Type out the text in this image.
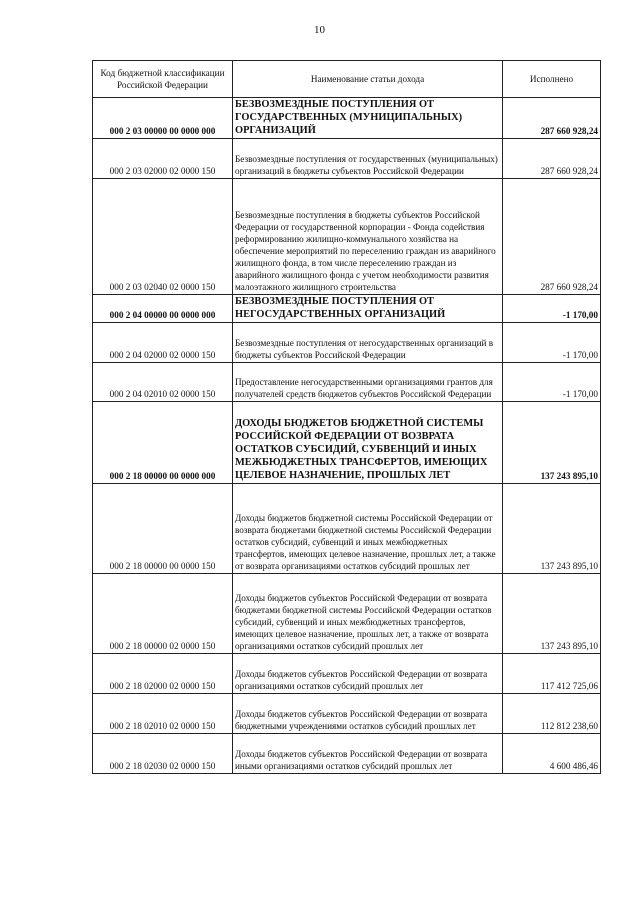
10
Код бюджетной классификации Российской Федерации	Наименование статьи дохода	Исполнено
000 2 03 00000 00 0000 000	БЕЗВОЗМЕЗДНЫЕ ПОСТУПЛЕНИЯ ОТ ГОСУДАРСТВЕННЫХ (МУНИЦИПАЛЬНЫХ) ОРГАНИЗАЦИЙ	287 660 928,24
000 2 03 02000 02 0000 150	Безвозмездные поступления от государственных (муниципальных) организаций в бюджеты субъектов Российской Федерации	287 660 928,24
000 2 03 02040 02 0000 150	Безвозмездные поступления в бюджеты субъектов Российской Федерации от государственной корпорации - Фонда содействия реформированию жилищно-коммунального хозяйства на обеспечение мероприятий по переселению граждан из аварийного жилищного фонда, в том числе переселению граждан из аварийного жилищного фонда с учетом необходимости развития малоэтажного жилищного строительства	287 660 928,24
000 2 04 00000 00 0000 000	БЕЗВОЗМЕЗДНЫЕ ПОСТУПЛЕНИЯ ОТ НЕГОСУДАРСТВЕННЫХ ОРГАНИЗАЦИЙ	-1 170,00
000 2 04 02000 02 0000 150	Безвозмездные поступления от негосударственных организаций в бюджеты субъектов Российской Федерации	-1 170,00
000 2 04 02010 02 0000 150	Предоставление негосударственными организациями грантов для получателей средств бюджетов субъектов Российской Федерации	-1 170,00
000 2 18 00000 00 0000 000	ДОХОДЫ БЮДЖЕТОВ БЮДЖЕТНОЙ СИСТЕМЫ РОССИЙСКОЙ ФЕДЕРАЦИИ ОТ ВОЗВРАТА ОСТАТКОВ СУБСИДИЙ, СУБВЕНЦИЙ И ИНЫХ МЕЖБЮДЖЕТНЫХ ТРАНСФЕРТОВ, ИМЕЮЩИХ ЦЕЛЕВОЕ НАЗНАЧЕНИЕ, ПРОШЛЫХ ЛЕТ	137 243 895,10
000 2 18 00000 00 0000 150	Доходы бюджетов бюджетной системы Российской Федерации от возврата бюджетами бюджетной системы Российской Федерации остатков субсидий, субвенций и иных межбюджетных трансфертов, имеющих целевое назначение, прошлых лет, а также от возврата организациями остатков субсидий прошлых лет	137 243 895,10
000 2 18 00000 02 0000 150	Доходы бюджетов субъектов Российской Федерации от возврата бюджетами бюджетной системы Российской Федерации остатков субсидий, субвенций и иных межбюджетных трансфертов, имеющих целевое назначение, прошлых лет, а также от возврата организациями остатков субсидий прошлых лет	137 243 895,10
000 2 18 02000 02 0000 150	Доходы бюджетов субъектов Российской Федерации от возврата организациями остатков субсидий прошлых лет	117 412 725,06
000 2 18 02010 02 0000 150	Доходы бюджетов субъектов Российской Федерации от возврата бюджетными учреждениями остатков субсидий прошлых лет	112 812 238,60
000 2 18 02030 02 0000 150	Доходы бюджетов субъектов Российской Федерации от возврата иными организациями остатков субсидий прошлых лет	4 600 486,46
